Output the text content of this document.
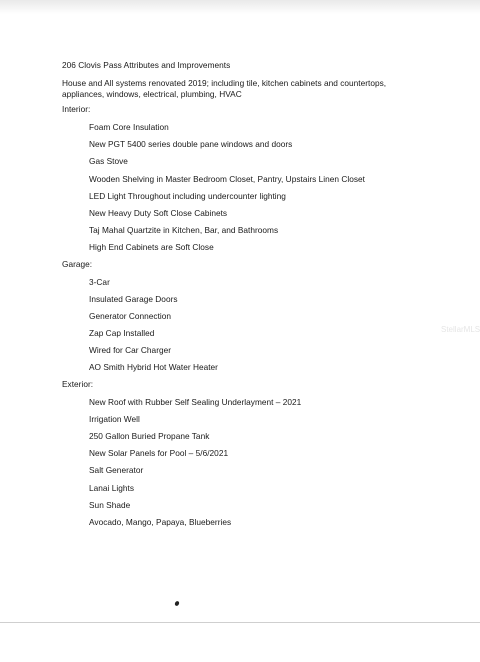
206 Clovis Pass Attributes and Improvements
House and All systems renovated 2019; including tile, kitchen cabinets and countertops, appliances, windows, electrical, plumbing, HVAC
Interior:
Foam Core Insulation
New PGT 5400 series double pane windows and doors
Gas Stove
Wooden Shelving in Master Bedroom Closet, Pantry, Upstairs Linen Closet
LED Light Throughout including undercounter lighting
New Heavy Duty Soft Close Cabinets
Taj Mahal Quartzite in Kitchen, Bar, and Bathrooms
High End Cabinets are Soft Close
Garage:
3-Car
Insulated Garage Doors
Generator Connection
Zap Cap Installed
Wired for Car Charger
AO Smith Hybrid Hot Water Heater
Exterior:
New Roof with Rubber Self Sealing Underlayment – 2021
Irrigation Well
250 Gallon Buried Propane Tank
New Solar Panels for Pool – 5/6/2021
Salt Generator
Lanai Lights
Sun Shade
Avocado, Mango, Papaya, Blueberries
StellarMLS
